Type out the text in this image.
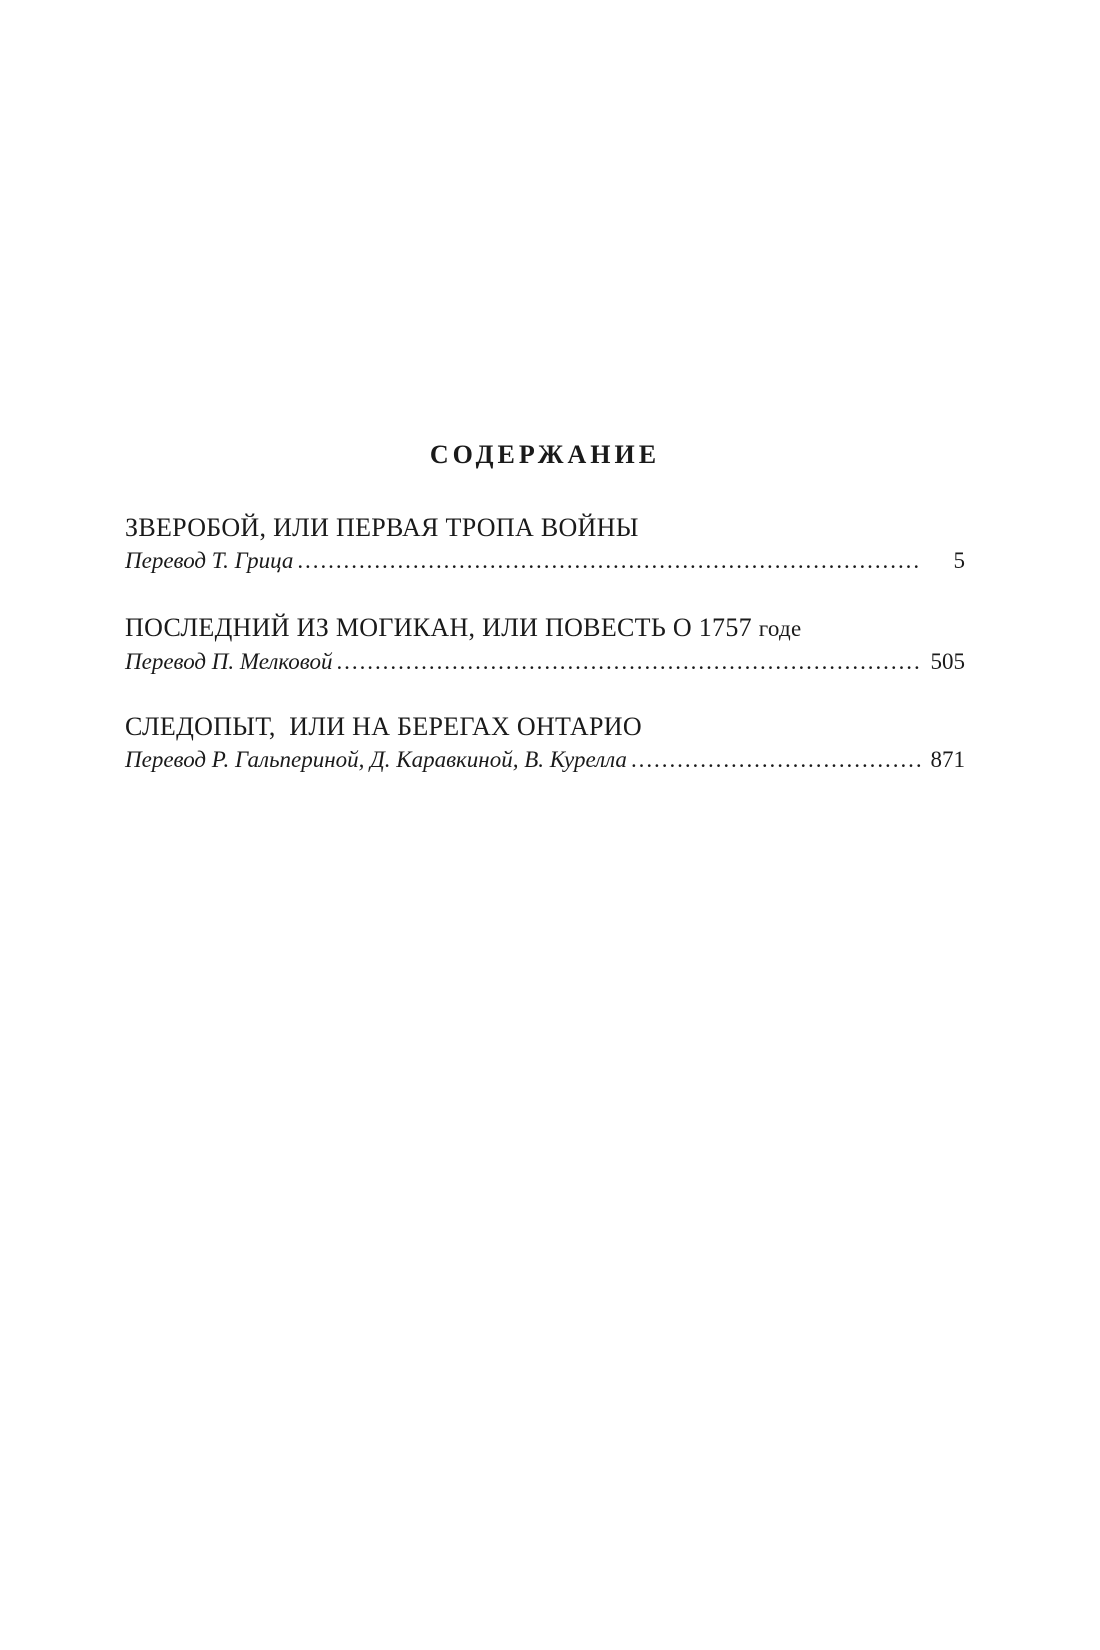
СОДЕРЖАНИЕ
ЗВЕРОБОЙ, ИЛИ ПЕРВАЯ ТРОПА ВОЙНЫ
Перевод Т. Грица . . .	5
ПОСЛЕДНИЙ ИЗ МОГИКАН, ИЛИ ПОВЕСТЬ О 1757 годе
Перевод П. Мелковой . . .	505
СЛЕДОПЫТ,  ИЛИ НА БЕРЕГАХ ОНТАРИО
Перевод Р. Гальпериной, Д. Каравкиной, В. Курелла . . .	871
